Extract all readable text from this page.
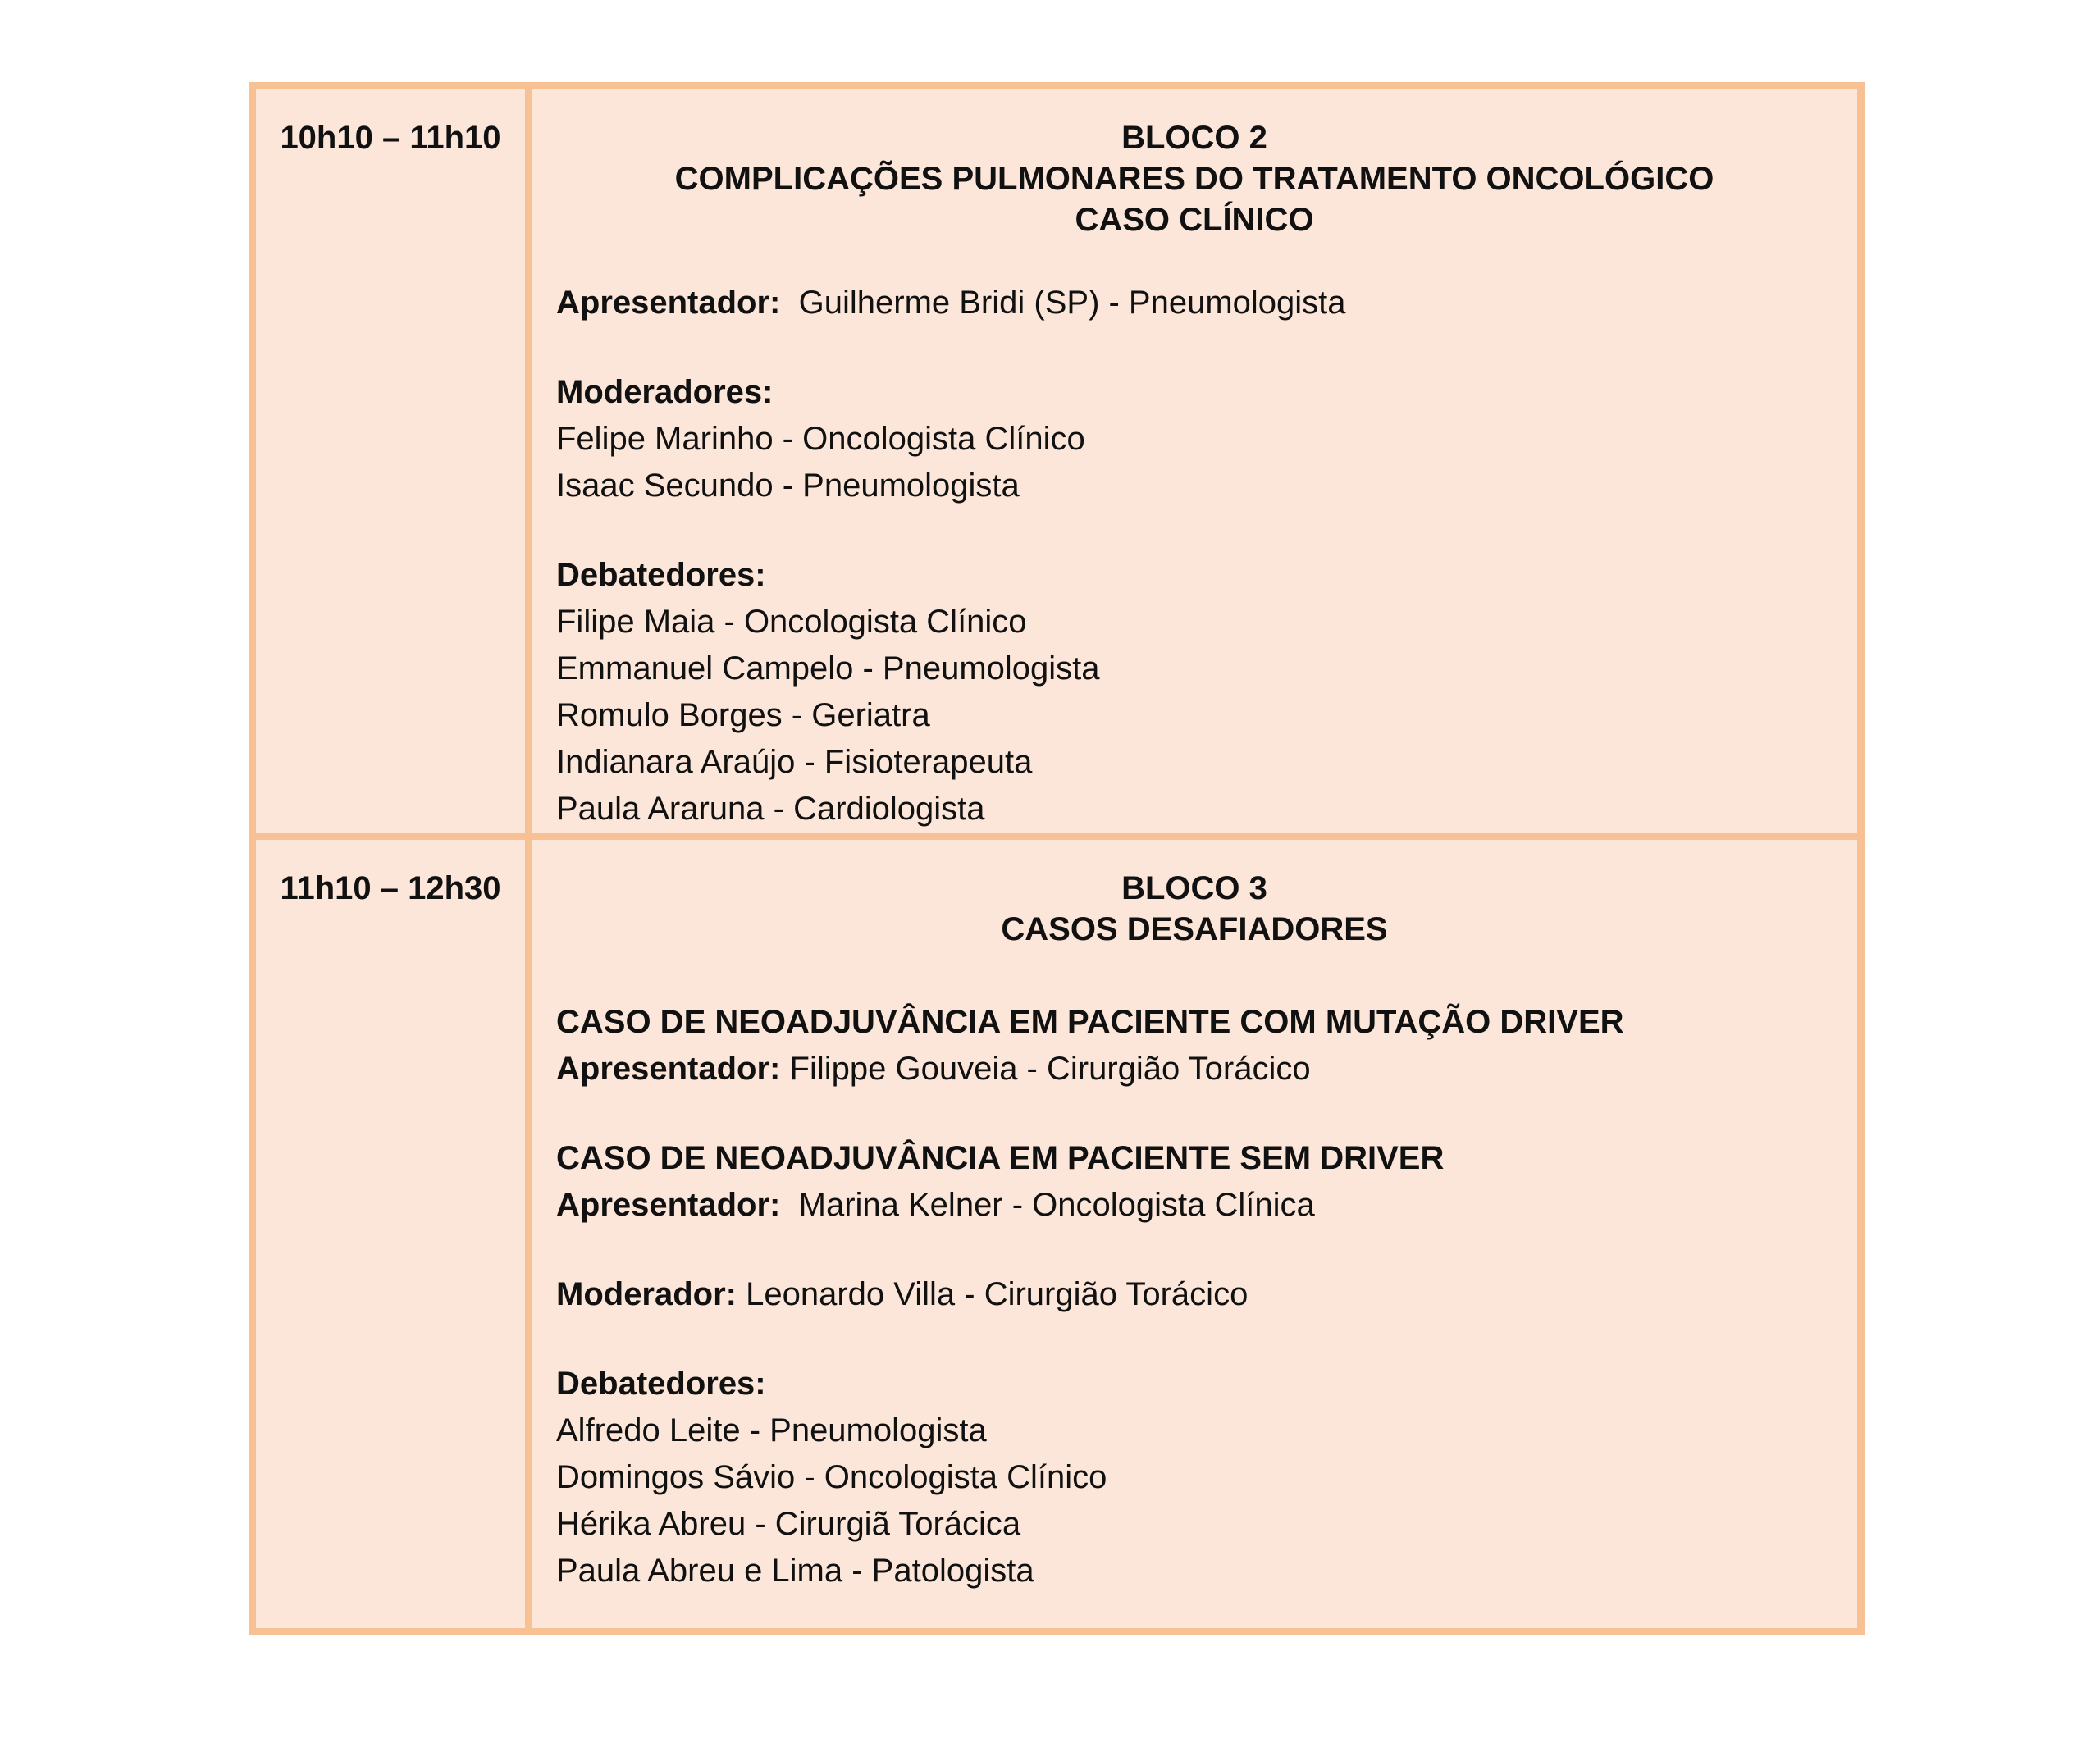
10h10 – 11h10	BLOCO 2
COMPLICAÇÕES PULMONARES DO TRATAMENTO ONCOLÓGICO
CASO CLÍNICO

Apresentador: Guilherme Bridi (SP) - Pneumologista

Moderadores:

Felipe Marinho - Oncologista Clínico
Isaac Secundo - Pneumologista

Debatedores:

Filipe Maia - Oncologista Clínico
Emmanuel Campelo - Pneumologista
Romulo Borges - Geriatra
Indianara Araújo - Fisioterapeuta
Paula Araruna - Cardiologista
11h10 – 12h30	BLOCO 3
CASOS DESAFIADORES

CASO DE NEOADJUVÂNCIA EM PACIENTE COM MUTAÇÃO DRIVER

Apresentador: Filippe Gouveia - Cirurgião Torácico

CASO DE NEOADJUVÂNCIA EM PACIENTE SEM DRIVER

Apresentador: Marina Kelner - Oncologista Clínica

Moderador: Leonardo Villa - Cirurgião Torácico

Debatedores:

Alfredo Leite - Pneumologista
Domingos Sávio - Oncologista Clínico
Hérika Abreu - Cirurgiã Torácica
Paula Abreu e Lima - Patologista
